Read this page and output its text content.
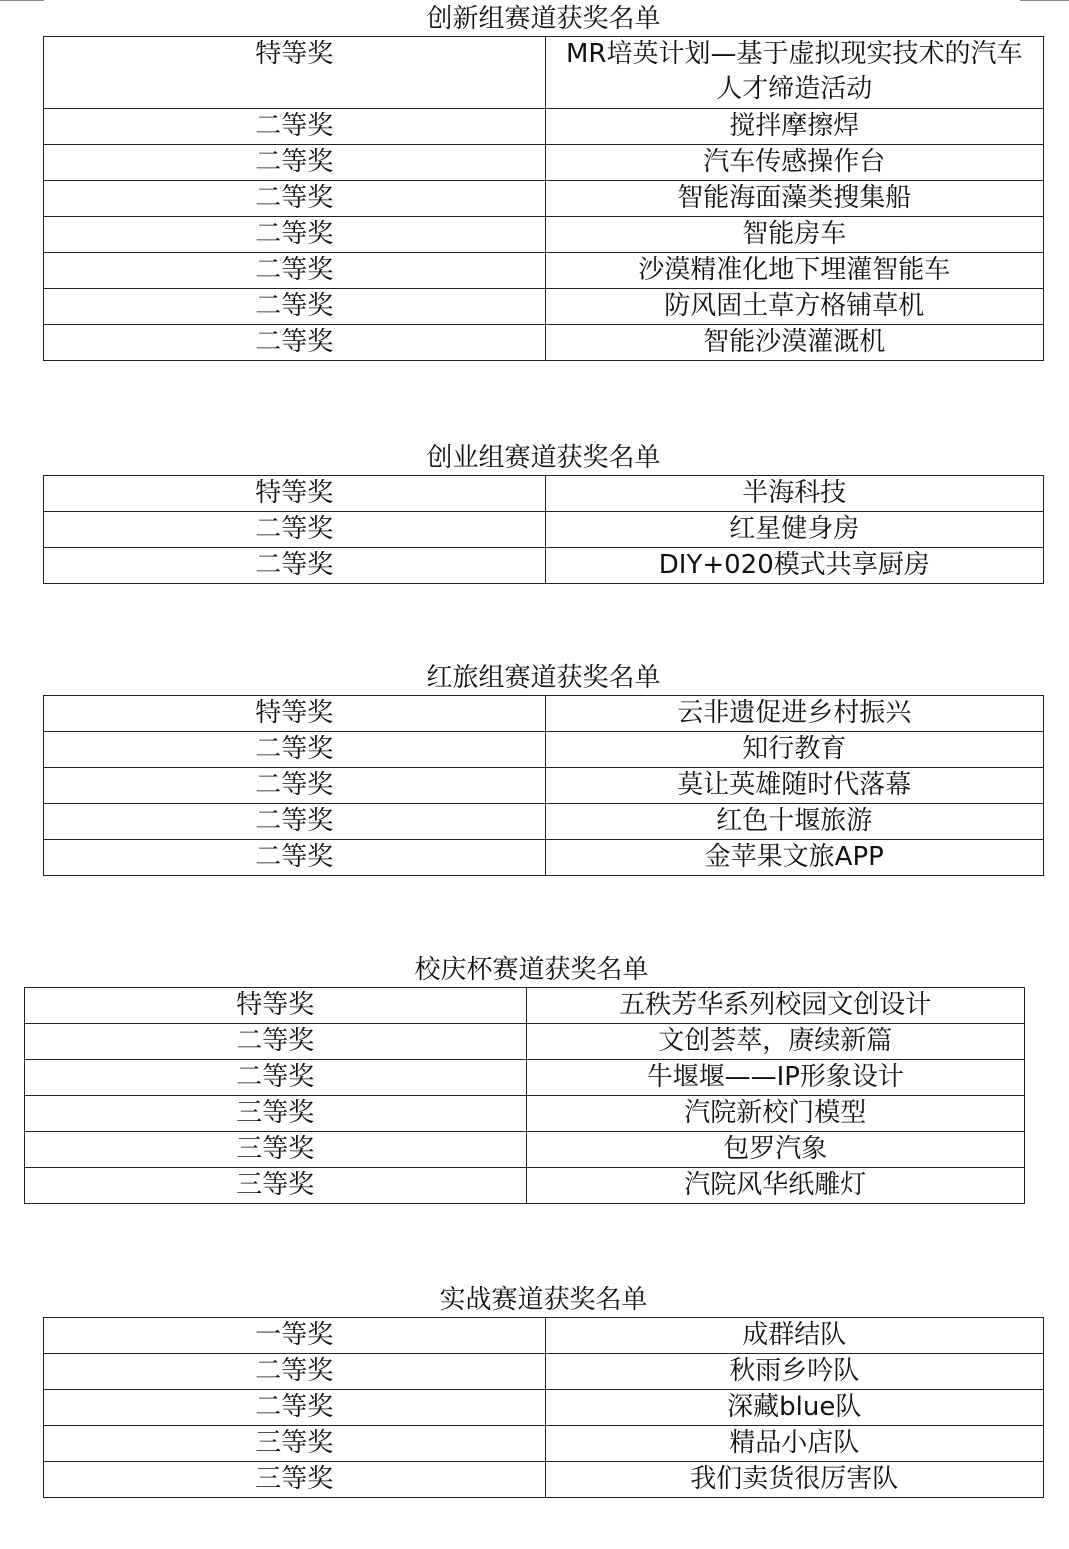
创新组赛道获奖名单
特等奖	MR培英计划—基于虚拟现实技术的汽车人才缔造活动
二等奖	搅拌摩擦焊
二等奖	汽车传感操作台
二等奖	智能海面藻类搜集船
二等奖	智能房车
二等奖	沙漠精准化地下埋灌智能车
二等奖	防风固土草方格铺草机
二等奖	智能沙漠灌溉机
创业组赛道获奖名单
特等奖	半海科技
二等奖	红星健身房
二等奖	DIY+020模式共享厨房
红旅组赛道获奖名单
特等奖	云非遗促进乡村振兴
二等奖	知行教育
二等奖	莫让英雄随时代落幕
二等奖	红色十堰旅游
二等奖	金苹果文旅APP
校庆杯赛道获奖名单
特等奖	五秩芳华系列校园文创设计
二等奖	文创荟萃，赓续新篇
二等奖	牛堰堰——IP形象设计
三等奖	汽院新校门模型
三等奖	包罗汽象
三等奖	汽院风华纸雕灯
实战赛道获奖名单
一等奖	成群结队
二等奖	秋雨乡吟队
二等奖	深藏blue队
三等奖	精品小店队
三等奖	我们卖货很厉害队
